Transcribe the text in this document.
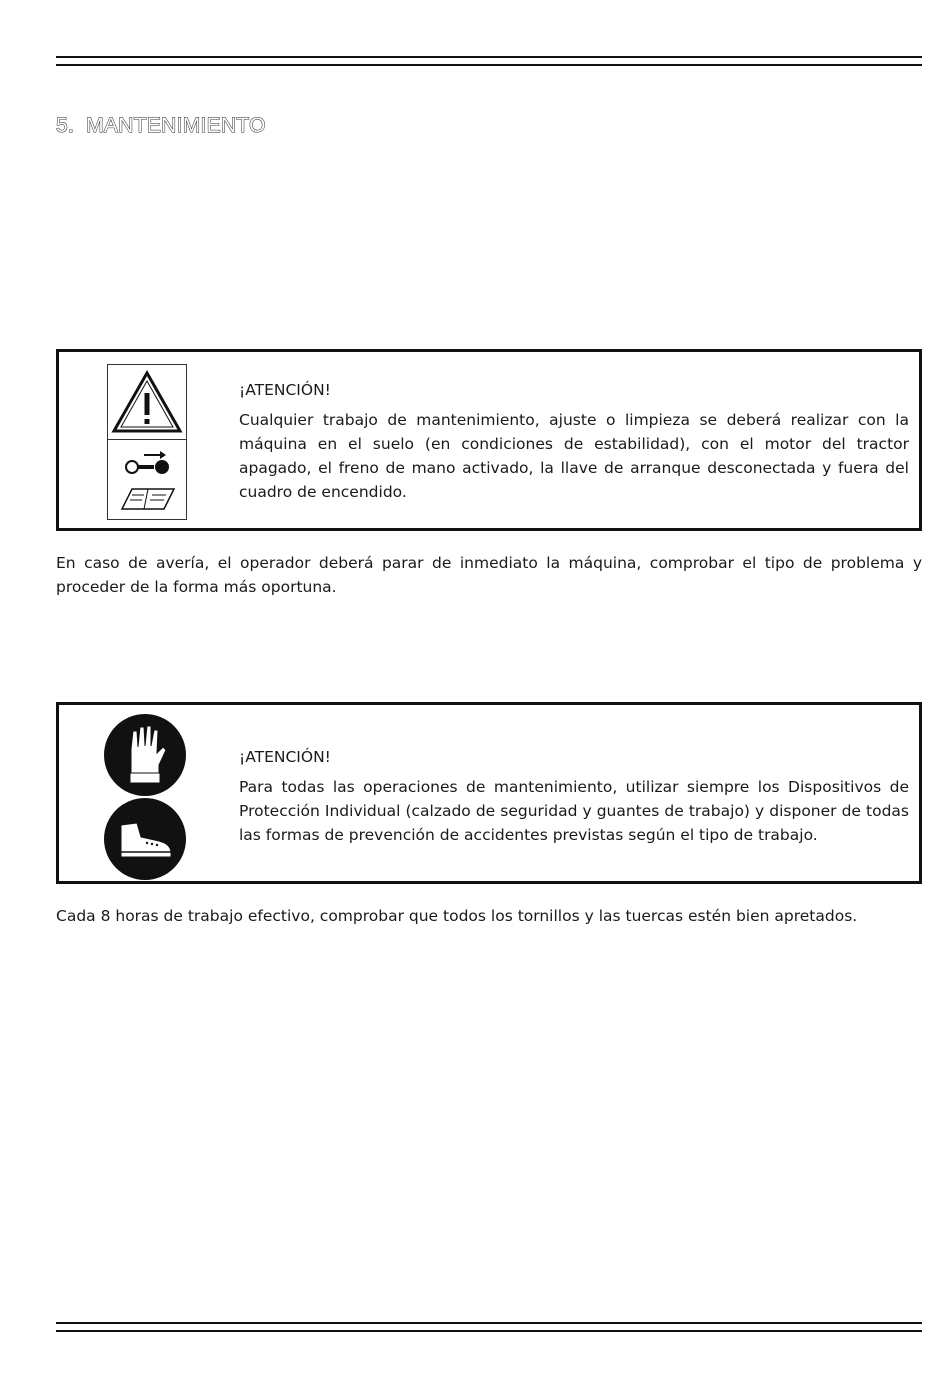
5. MANTENIMIENTO
¡ATENCIÓN!
Cualquier trabajo de mantenimiento, ajuste o limpieza se deberá realizar con la máquina en el suelo (en condiciones de estabilidad), con el motor del tractor apagado, el freno de mano activado, la llave de arranque desconectada y fuera del cuadro de encendido.
En caso de avería, el operador deberá parar de inmediato la máquina, comprobar el tipo de problema y proceder de la forma más oportuna.
¡ATENCIÓN!
Para todas las operaciones de mantenimiento, utilizar siempre los Dispositivos de Protección Individual (calzado de seguridad y guantes de trabajo) y disponer de todas las formas de prevención de accidentes previstas según el tipo de trabajo.
Cada 8 horas de trabajo efectivo, comprobar que todos los tornillos y las tuercas estén bien apretados.
